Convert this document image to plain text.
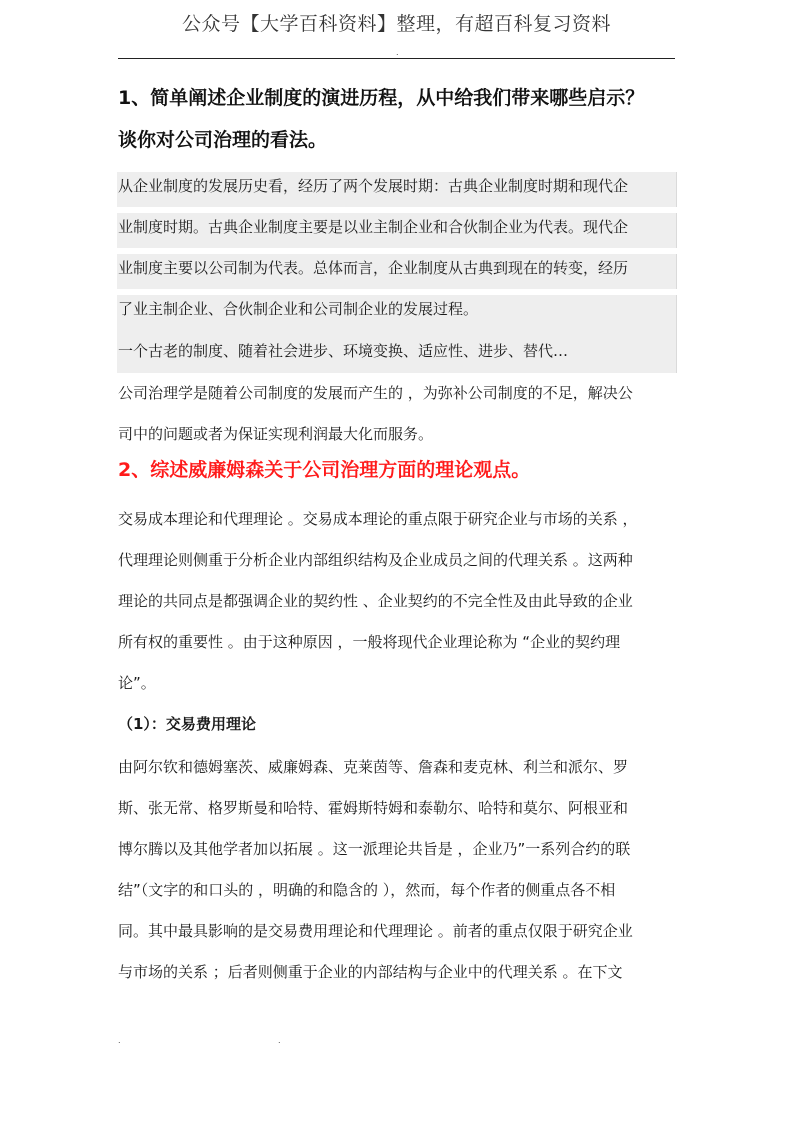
公众号【大学百科资料】整理，有超百科复习资料
.
1、简单阐述企业制度的演进历程，从中给我们带来哪些启示？
谈你对公司治理的看法。
从企业制度的发展历史看，经历了两个发展时期：古典企业制度时期和现代企
业制度时期。古典企业制度主要是以业主制企业和合伙制企业为代表。现代企
业制度主要以公司制为代表。总体而言，企业制度从古典到现在的转变，经历
了业主制企业、合伙制企业和公司制企业的发展过程。
一个古老的制度、随着社会进步、环境变换、适应性、进步、替代…
公司治理学是随着公司制度的发展而产生的 ，为弥补公司制度的不足，解决公
司中的问题或者为保证实现利润最大化而服务。
2、综述威廉姆森关于公司治理方面的理论观点。
交易成本理论和代理理论 。交易成本理论的重点限于研究企业与市场的关系 ，
代理理论则侧重于分析企业内部组织结构及企业成员之间的代理关系 。这两种
理论的共同点是都强调企业的契约性 、企业契约的不完全性及由此导致的企业
所有权的重要性 。由于这种原因 ，一般将现代企业理论称为 “企业的契约理
论”。
（1）：交易费用理论
由阿尔钦和德姆塞茨、威廉姆森、克莱茵等、詹森和麦克林、利兰和派尔、罗
斯、张无常、格罗斯曼和哈特、霍姆斯特姆和泰勒尔、哈特和莫尔、阿根亚和
博尔腾以及其他学者加以拓展 。这一派理论共旨是 ，企业乃”一系列合约的联
结”（文字的和口头的 ，明确的和隐含的 ），然而，每个作者的侧重点各不相
同。其中最具影响的是交易费用理论和代理理论 。前者的重点仅限于研究企业
与市场的关系 ；后者则侧重于企业的内部结构与企业中的代理关系 。在下文
.	.
